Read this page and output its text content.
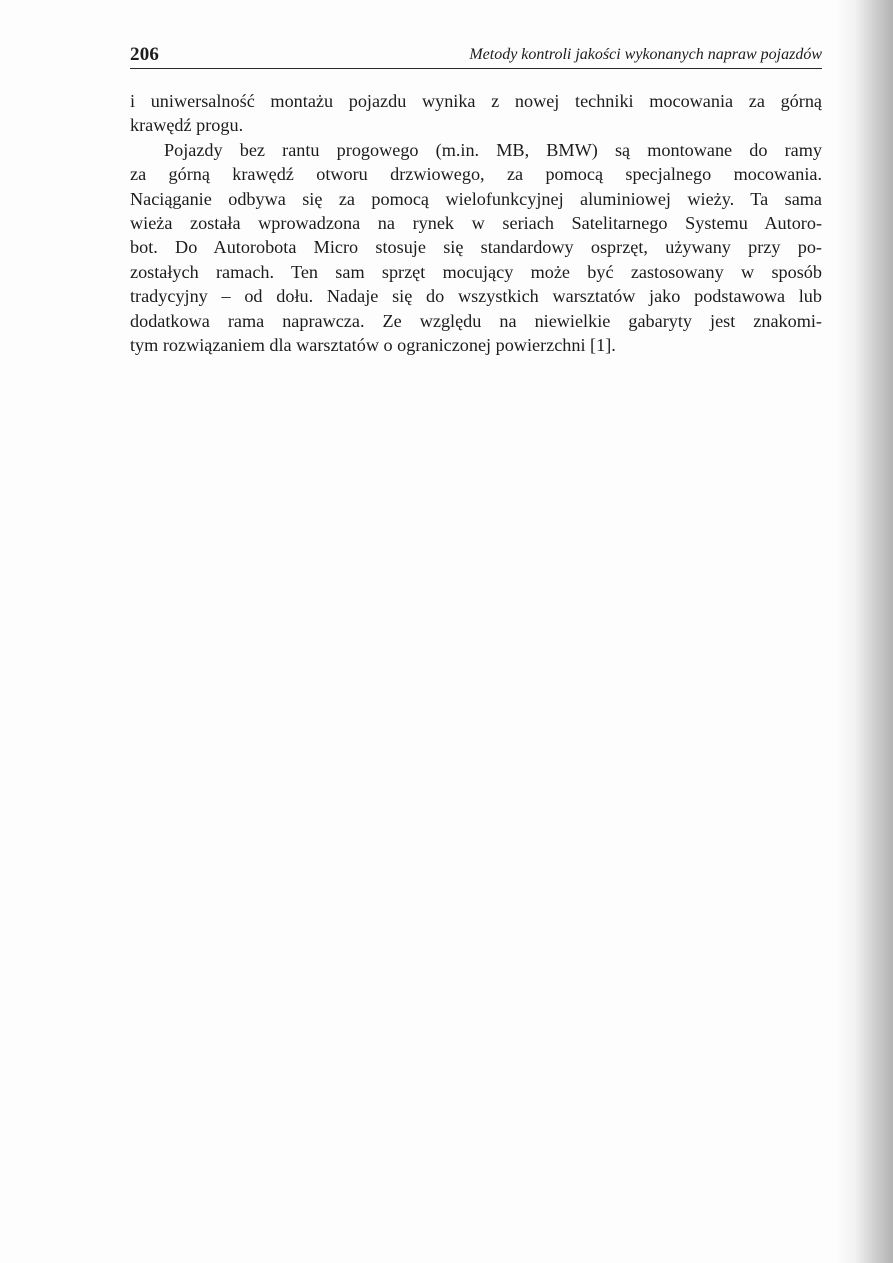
206	Metody kontroli jakości wykonanych napraw pojazdów

i uniwersalność montażu pojazdu wynika z nowej techniki mocowania za górną
krawędź progu.

Pojazdy bez rantu progowego (m.in. MB, BMW) są montowane do ramy
za górną krawędź otworu drzwiowego, za pomocą specjalnego mocowania.
Naciąganie odbywa się za pomocą wielofunkcyjnej aluminiowej wieży. Ta sama
wieża została wprowadzona na rynek w seriach Satelitarnego Systemu Autoro-
bot. Do Autorobota Micro stosuje się standardowy osprzęt, używany przy po-
zostałych ramach. Ten sam sprzęt mocujący może być zastosowany w sposób
tradycyjny – od dołu. Nadaje się do wszystkich warsztatów jako podstawowa lub
dodatkowa rama naprawcza. Ze względu na niewielkie gabaryty jest znakomi-
tym rozwiązaniem dla warsztatów o ograniczonej powierzchni [1].
